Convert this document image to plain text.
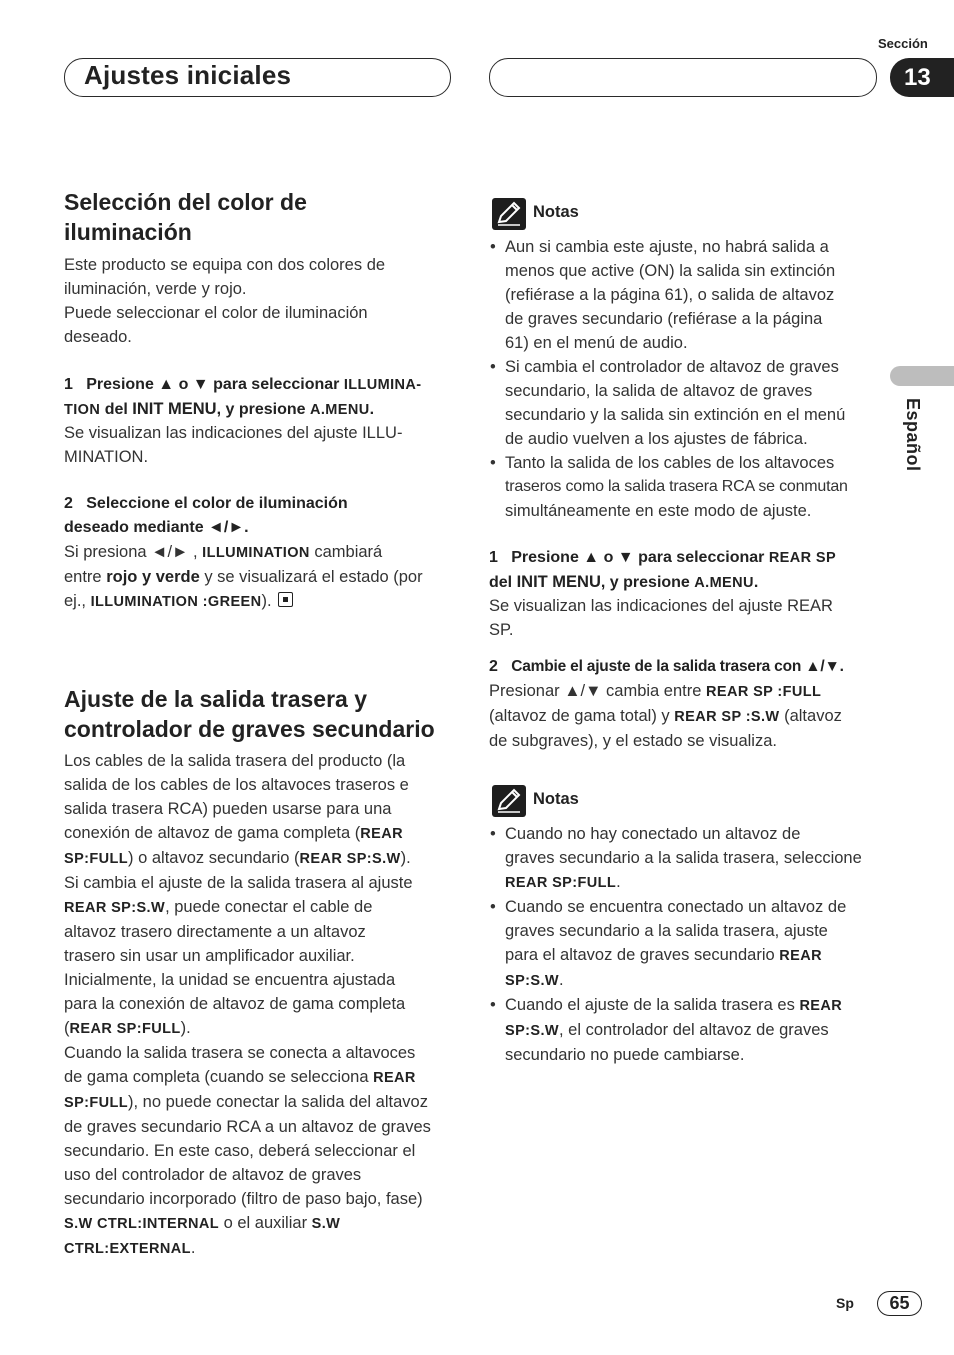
Ajustes iniciales
Sección
13
Español
Selección del color de
iluminación
Este producto se equipa con dos colores de
iluminación, verde y rojo.
Puede seleccionar el color de iluminación
deseado.
1 Presione ▲ o ▼ para seleccionar ILLUMINA-
TION del INIT MENU, y presione A.MENU.
Se visualizan las indicaciones del ajuste ILLU-
MINATION.
2 Seleccione el color de iluminación
deseado mediante ◄/►.
Si presiona ◄/► , ILLUMINATION cambiará
entre rojo y verde y se visualizará el estado (por
ej., ILLUMINATION :GREEN).
Ajuste de la salida trasera y
controlador de graves secundario
Los cables de la salida trasera del producto (la
salida de los cables de los altavoces traseros e
salida trasera RCA) pueden usarse para una
conexión de altavoz de gama completa (REAR
SP:FULL) o altavoz secundario (REAR SP:S.W).
Si cambia el ajuste de la salida trasera al ajuste
REAR SP:S.W, puede conectar el cable de
altavoz trasero directamente a un altavoz
trasero sin usar un amplificador auxiliar.
Inicialmente, la unidad se encuentra ajustada
para la conexión de altavoz de gama completa
(REAR SP:FULL).
Cuando la salida trasera se conecta a altavoces
de gama completa (cuando se selecciona REAR
SP:FULL), no puede conectar la salida del altavoz
de graves secundario RCA a un altavoz de graves
secundario. En este caso, deberá seleccionar el
uso del controlador de altavoz de graves
secundario incorporado (filtro de paso bajo, fase)
S.W CTRL:INTERNAL o el auxiliar S.W
CTRL:EXTERNAL.
Notas
• Aun si cambia este ajuste, no habrá salida a
menos que active (ON) la salida sin extinción
(refiérase a la página 61), o salida de altavoz
de graves secundario (refiérase a la página
61) en el menú de audio.
• Si cambia el controlador de altavoz de graves
secundario, la salida de altavoz de graves
secundario y la salida sin extinción en el menú
de audio vuelven a los ajustes de fábrica.
• Tanto la salida de los cables de los altavoces
traseros como la salida trasera RCA se conmutan
simultáneamente en este modo de ajuste.
1 Presione ▲ o ▼ para seleccionar REAR SP
del INIT MENU, y presione A.MENU.
Se visualizan las indicaciones del ajuste REAR
SP.
2 Cambie el ajuste de la salida trasera con ▲/▼.
Presionar ▲/▼ cambia entre REAR SP :FULL
(altavoz de gama total) y REAR SP :S.W (altavoz
de subgraves), y el estado se visualiza.
Notas
• Cuando no hay conectado un altavoz de
graves secundario a la salida trasera, seleccione
REAR SP:FULL.
• Cuando se encuentra conectado un altavoz de
graves secundario a la salida trasera, ajuste
para el altavoz de graves secundario REAR
SP:S.W.
• Cuando el ajuste de la salida trasera es REAR
SP:S.W, el controlador del altavoz de graves
secundario no puede cambiarse.
Sp	65
